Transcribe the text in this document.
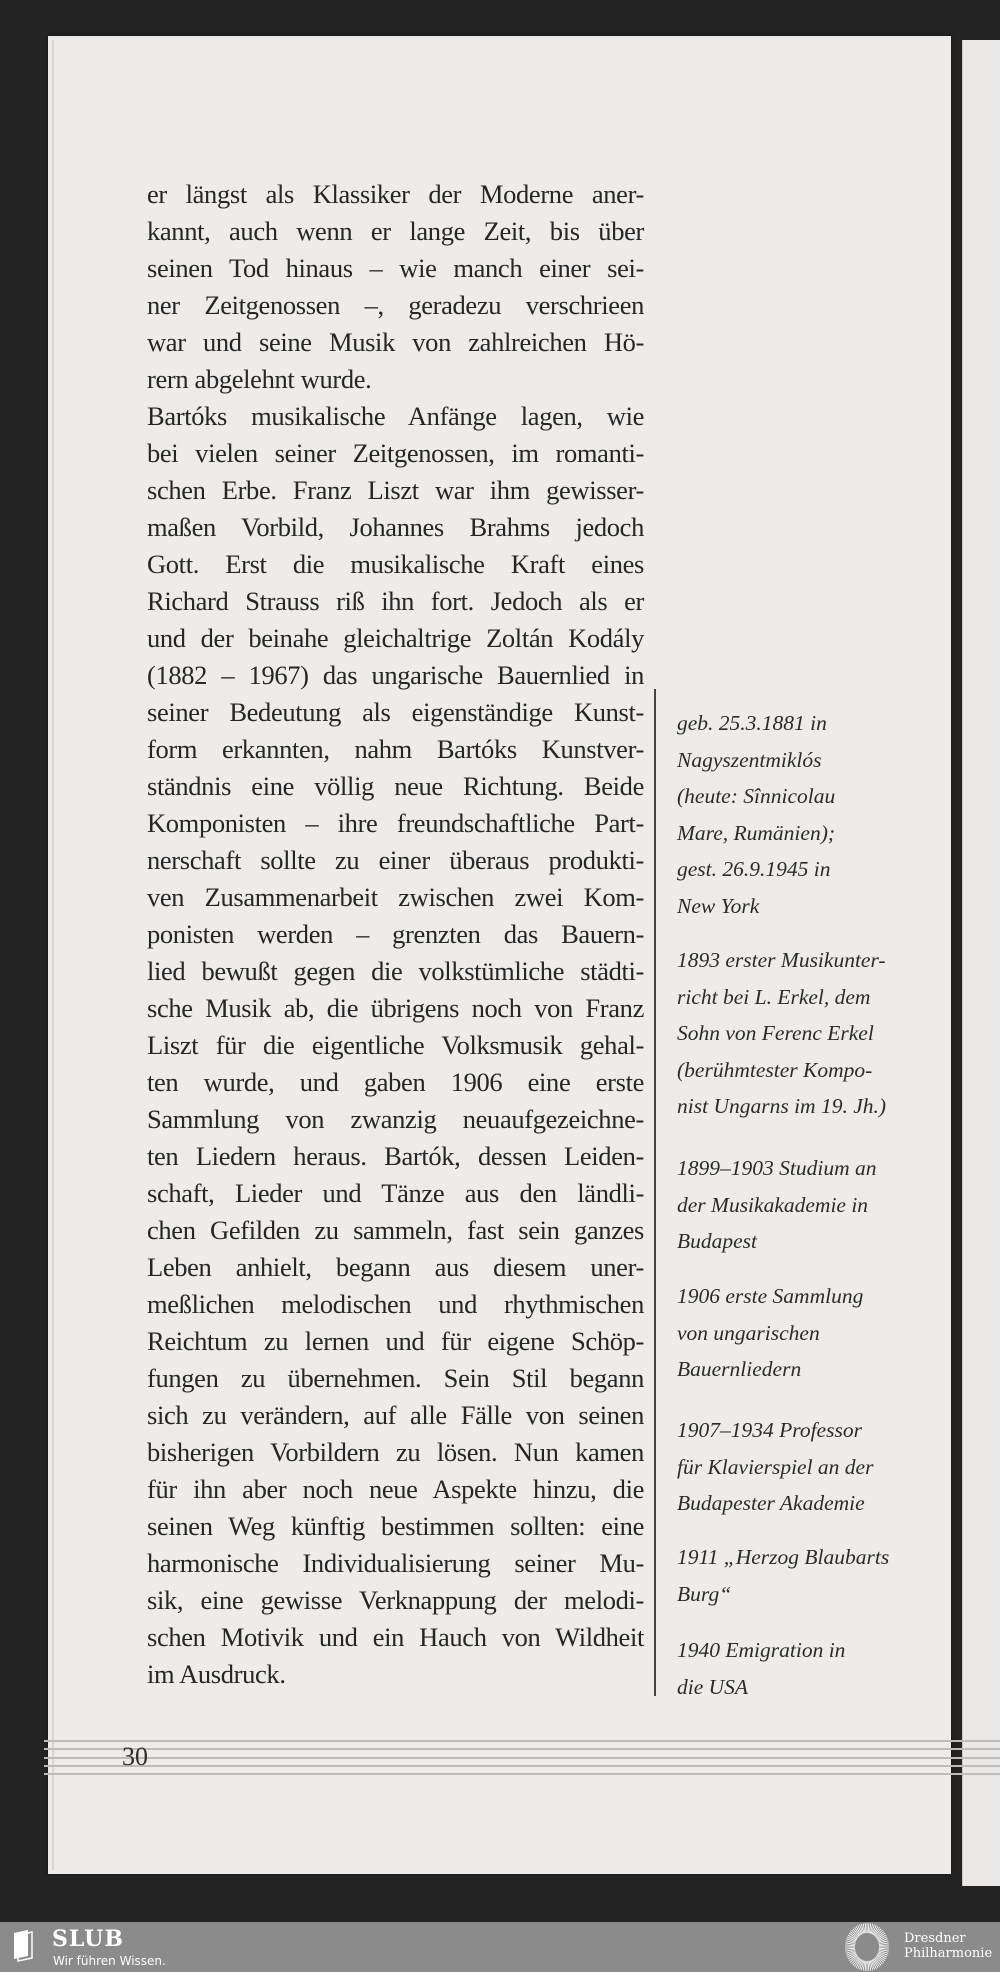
er längst als Klassiker der Moderne aner-
kannt, auch wenn er lange Zeit, bis über
seinen Tod hinaus – wie manch einer sei-
ner Zeitgenossen –, geradezu verschrieen
war und seine Musik von zahlreichen Hö-
rern abgelehnt wurde.
Bartóks musikalische Anfänge lagen, wie
bei vielen seiner Zeitgenossen, im romanti-
schen Erbe. Franz Liszt war ihm gewisser-
maßen Vorbild, Johannes Brahms jedoch
Gott. Erst die musikalische Kraft eines
Richard Strauss riß ihn fort. Jedoch als er
und der beinahe gleichaltrige Zoltán Kodály
(1882 – 1967) das ungarische Bauernlied in
seiner Bedeutung als eigenständige Kunst-
form erkannten, nahm Bartóks Kunstver-
ständnis eine völlig neue Richtung. Beide
Komponisten – ihre freundschaftliche Part-
nerschaft sollte zu einer überaus produkti-
ven Zusammenarbeit zwischen zwei Kom-
ponisten werden – grenzten das Bauern-
lied bewußt gegen die volkstümliche städti-
sche Musik ab, die übrigens noch von Franz
Liszt für die eigentliche Volksmusik gehal-
ten wurde, und gaben 1906 eine erste
Sammlung von zwanzig neuaufgezeichne-
ten Liedern heraus. Bartók, dessen Leiden-
schaft, Lieder und Tänze aus den ländli-
chen Gefilden zu sammeln, fast sein ganzes
Leben anhielt, begann aus diesem uner-
meßlichen melodischen und rhythmischen
Reichtum zu lernen und für eigene Schöp-
fungen zu übernehmen. Sein Stil begann
sich zu verändern, auf alle Fälle von seinen
bisherigen Vorbildern zu lösen. Nun kamen
für ihn aber noch neue Aspekte hinzu, die
seinen Weg künftig bestimmen sollten: eine
harmonische Individualisierung seiner Mu-
sik, eine gewisse Verknappung der melodi-
schen Motivik und ein Hauch von Wildheit
im Ausdruck.
geb. 25.3.1881 in
Nagyszentmiklós
(heute: Sînnicolau
Mare, Rumänien);
gest. 26.9.1945 in
New York
1893 erster Musikunter-
richt bei L. Erkel, dem
Sohn von Ferenc Erkel
(berühmtester Kompo-
nist Ungarns im 19. Jh.)
1899–1903 Studium an
der Musikakademie in
Budapest
1906 erste Sammlung
von ungarischen
Bauernliedern
1907–1934 Professor
für Klavierspiel an der
Budapester Akademie
1911 „Herzog Blaubarts
Burg“
1940 Emigration in
die USA
30
SLUB
Wir führen Wissen.
Dresdner
Philharmonie
